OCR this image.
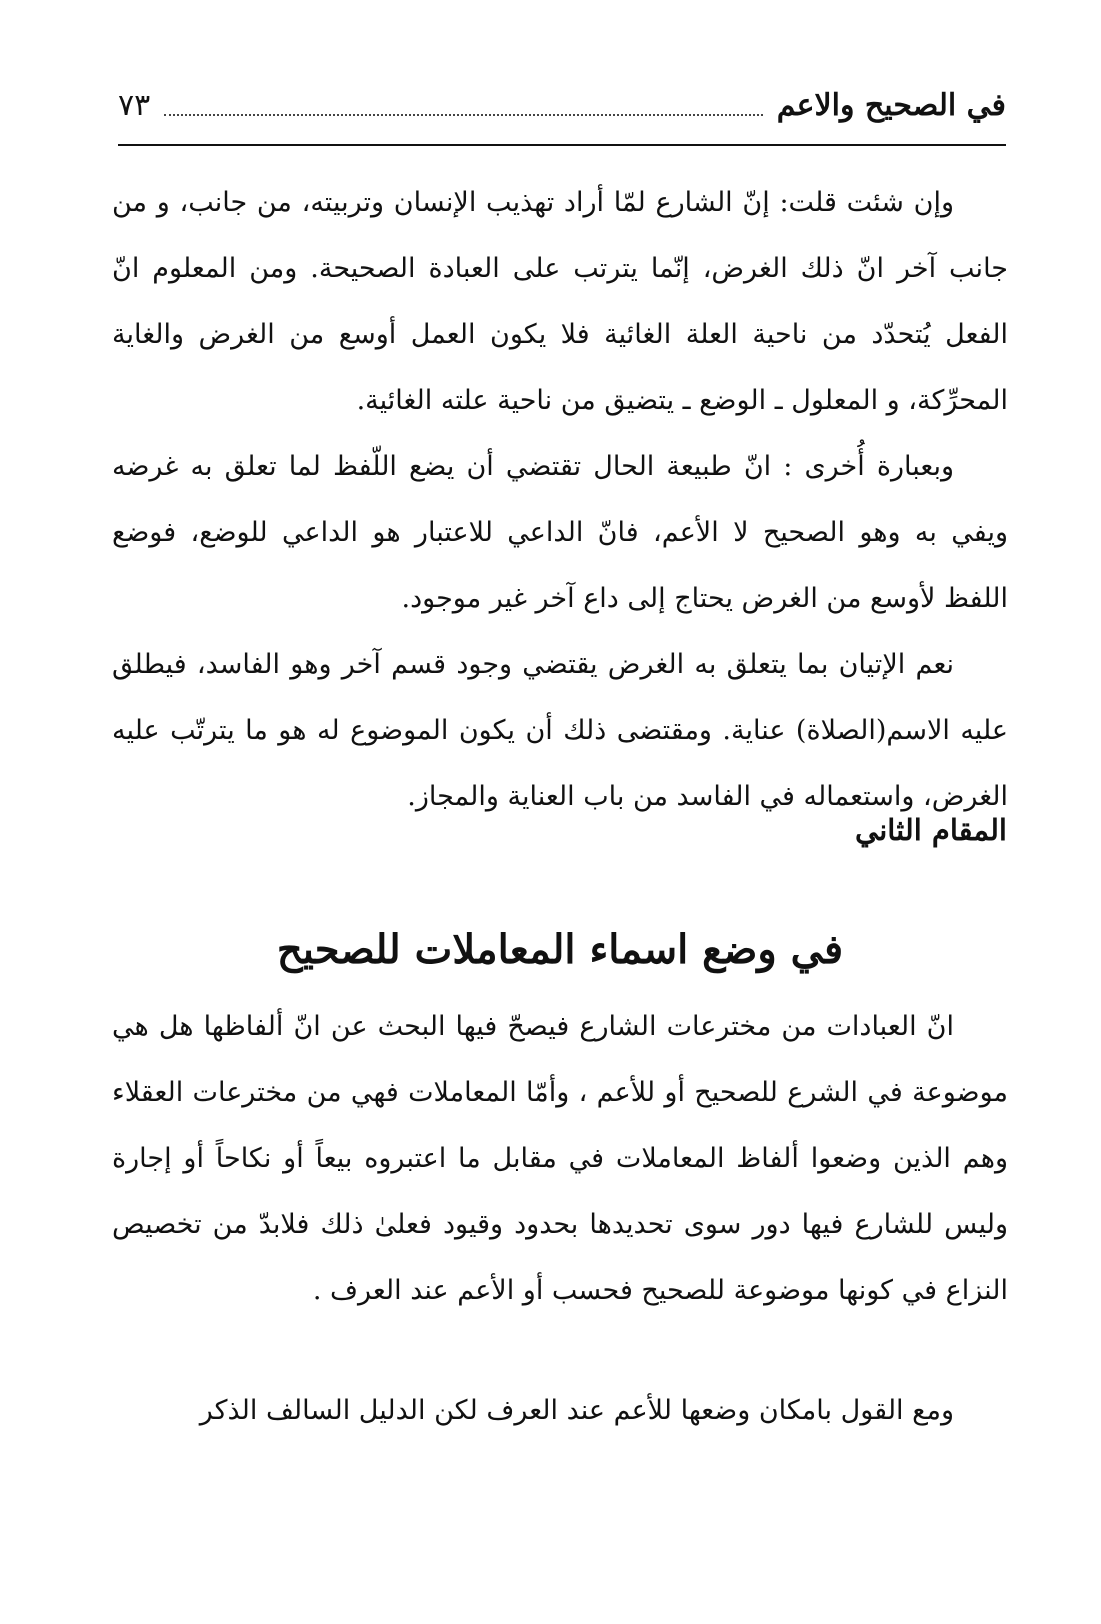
في الصحيح والاعم
٧٣

وإن شئت قلت: إنّ الشارع لمّا أراد تهذيب الإنسان وتربيته، من جانب، و من جانب آخر انّ ذلك الغرض، إنّما يترتب على العبادة الصحيحة. ومن المعلوم انّ الفعل يُتحدّد من ناحية العلة الغائية فلا يكون العمل أوسع من الغرض والغاية المحرِّكة، و المعلول ـ الوضع ـ يتضيق من ناحية علته الغائية.

وبعبارة أُخرى : انّ طبيعة الحال تقتضي أن يضع اللّفظ لما تعلق به غرضه ويفي به وهو الصحيح لا الأعم، فانّ الداعي للاعتبار هو الداعي للوضع، فوضع اللفظ لأوسع من الغرض يحتاج إلى داع آخر غير موجود.

نعم الإتيان بما يتعلق به الغرض يقتضي وجود قسم آخر وهو الفاسد، فيطلق عليه الاسم(الصلاة) عناية. ومقتضى ذلك أن يكون الموضوع له هو ما يترتّب عليه الغرض، واستعماله في الفاسد من باب العناية والمجاز.

المقام الثاني
في وضع اسماء المعاملات للصحيح

انّ العبادات من مخترعات الشارع فيصحّ فيها البحث عن انّ ألفاظها هل هي موضوعة في الشرع للصحيح أو للأعم ، وأمّا المعاملات فهي من مخترعات العقلاء وهم الذين وضعوا ألفاظ المعاملات في مقابل ما اعتبروه بيعاً أو نكاحاً أو إجارة وليس للشارع فيها دور سوى تحديدها بحدود وقيود فعلىٰ ذلك فلابدّ من تخصيص النزاع في كونها موضوعة للصحيح فحسب أو الأعم عند العرف .

ومع القول بامكان وضعها للأعم عند العرف لكن الدليل السالف الذكر
